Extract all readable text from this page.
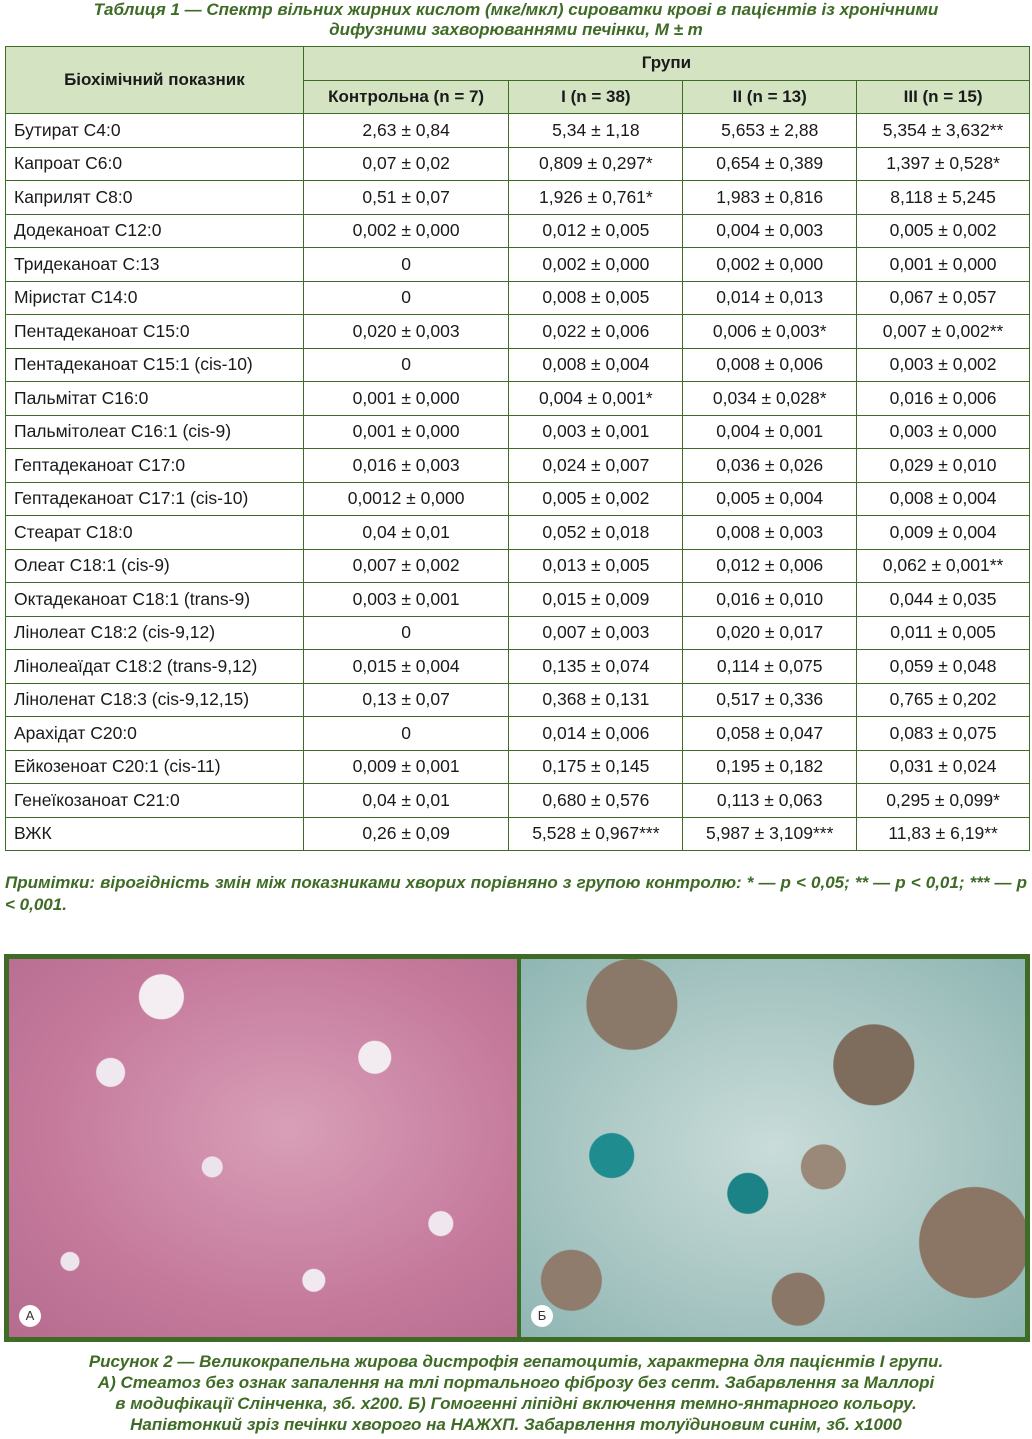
Таблиця 1 — Спектр вільних жирних кислот (мкг/мкл) сироватки крові в пацієнтів із хронічними
дифузними захворюваннями печінки, M ± m
Біохімічний показник	Групи			
	Контрольна (n = 7)	I (n = 38)	II (n = 13)	III (n = 15)
Бутират С4:0	2,63 ± 0,84	5,34 ± 1,18	5,653 ± 2,88	5,354 ± 3,632**
Капроат С6:0	0,07 ± 0,02	0,809 ± 0,297*	0,654 ± 0,389	1,397 ± 0,528*
Каприлят С8:0	0,51 ± 0,07	1,926 ± 0,761*	1,983 ± 0,816	8,118 ± 5,245
Додеканоат С12:0	0,002 ± 0,000	0,012 ± 0,005	0,004 ± 0,003	0,005 ± 0,002
Тридеканоат С:13	0	0,002 ± 0,000	0,002 ± 0,000	0,001 ± 0,000
Міристат С14:0	0	0,008 ± 0,005	0,014 ± 0,013	0,067 ± 0,057
Пентадеканоат С15:0	0,020 ± 0,003	0,022 ± 0,006	0,006 ± 0,003*	0,007 ± 0,002**
Пентадеканоат С15:1 (cis-10)	0	0,008 ± 0,004	0,008 ± 0,006	0,003 ± 0,002
Пальмітат С16:0	0,001 ± 0,000	0,004 ± 0,001*	0,034 ± 0,028*	0,016 ± 0,006
Пальмітолеат С16:1 (cis-9)	0,001 ± 0,000	0,003 ± 0,001	0,004 ± 0,001	0,003 ± 0,000
Гептадеканоат С17:0	0,016 ± 0,003	0,024 ± 0,007	0,036 ± 0,026	0,029 ± 0,010
Гептадеканоат С17:1 (cis-10)	0,0012 ± 0,000	0,005 ± 0,002	0,005 ± 0,004	0,008 ± 0,004
Стеарат С18:0	0,04 ± 0,01	0,052 ± 0,018	0,008 ± 0,003	0,009 ± 0,004
Олеат С18:1 (cis-9)	0,007 ± 0,002	0,013 ± 0,005	0,012 ± 0,006	0,062 ± 0,001**
Октадеканоат С18:1 (trans-9)	0,003 ± 0,001	0,015 ± 0,009	0,016 ± 0,010	0,044 ± 0,035
Лінолеат С18:2 (cis-9,12)	0	0,007 ± 0,003	0,020 ± 0,017	0,011 ± 0,005
Лінолеаїдат С18:2 (trans-9,12)	0,015 ± 0,004	0,135 ± 0,074	0,114 ± 0,075	0,059 ± 0,048
Ліноленат С18:3 (cis-9,12,15)	0,13 ± 0,07	0,368 ± 0,131	0,517 ± 0,336	0,765 ± 0,202
Арахідат С20:0	0	0,014 ± 0,006	0,058 ± 0,047	0,083 ± 0,075
Ейкозеноат С20:1 (cis-11)	0,009 ± 0,001	0,175 ± 0,145	0,195 ± 0,182	0,031 ± 0,024
Генеїкозаноат С21:0	0,04 ± 0,01	0,680 ± 0,576	0,113 ± 0,063	0,295 ± 0,099*
ВЖК	0,26 ± 0,09	5,528 ± 0,967***	5,987 ± 3,109***	11,83 ± 6,19**
Примітки: вірогідність змін між показниками хворих порівняно з групою контролю: * — p < 0,05; ** — p < 0,01; *** — p < 0,001.
А	Б
Рисунок 2 — Великокрапельна жирова дистрофія гепатоцитів, характерна для пацієнтів I групи.
А) Стеатоз без ознак запалення на тлі портального фіброзу без септ. Забарвлення за Маллорі
в модифікації Слінченка, зб. х200. Б) Гомогенні ліпідні включення темно-янтарного кольору.
Напівтонкий зріз печінки хворого на НАЖХП. Забарвлення толуїдиновим синім, зб. х1000
